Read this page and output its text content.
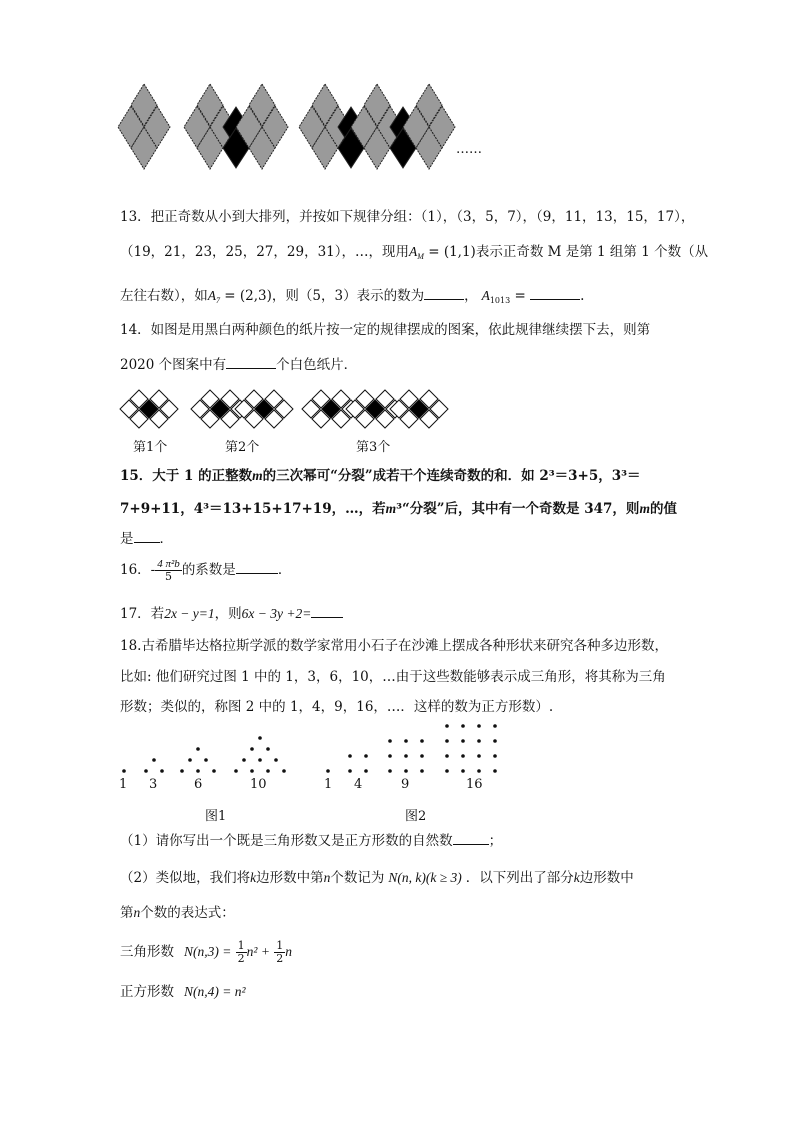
……
13．把正奇数从小到大排列，并按如下规律分组：（1），（3，5，7），（9，11，13，15，17），
（19，21，23，25，27，29，31），…，现用$A_M = (1,1)$表示正奇数 M 是第 1 组第 1 个数（从
左往右数），如$A_7 = (2,3)$，则（5，3）表示的数为	， $A_{1013}$ =	.
14．如图是用黑白两种颜色的纸片按一定的规律摆成的图案，依此规律继续摆下去，则第
2020 个图案中有	个白色纸片．
第1个	第2个	第3个
15．大于 1 的正整数m的三次幂可“分裂”成若干个连续奇数的和．如 2³＝3+5，3³＝
7+9+11，4³＝13+15+17+19，…，若m³“分裂”后，其中有一个奇数是 347，则m的值
是 ．
16．- $\frac{\text{4 π²b}}{5}$ 的系数是	．
17．若2x − y=1，则6x − 3y +2=
18.古希腊毕达格拉斯学派的数学家常用小石子在沙滩上摆成各种形状来研究各种多边形数，
比如: 他们研究过图 1 中的 1，3，6，10，…由于这些数能够表示成三角形，将其称为三角
形数；类似的，称图 2 中的 1，4，9，16，…．这样的数为正方形数）.
1 3	6	10	1 4	9	16
图1	图2
（1）请你写出一个既是三角形数又是正方形数的自然数	；
（2）类似地，我们将k边形数中第n个数记为 N(n, k)(k ≥ 3) ．以下列出了部分k边形数中
第n个数的表达式：
三角形数 $N(n,3) = \frac{1}{2} n^2 + \frac{1}{2}$ n
正方形数 N(n,4) = n²
